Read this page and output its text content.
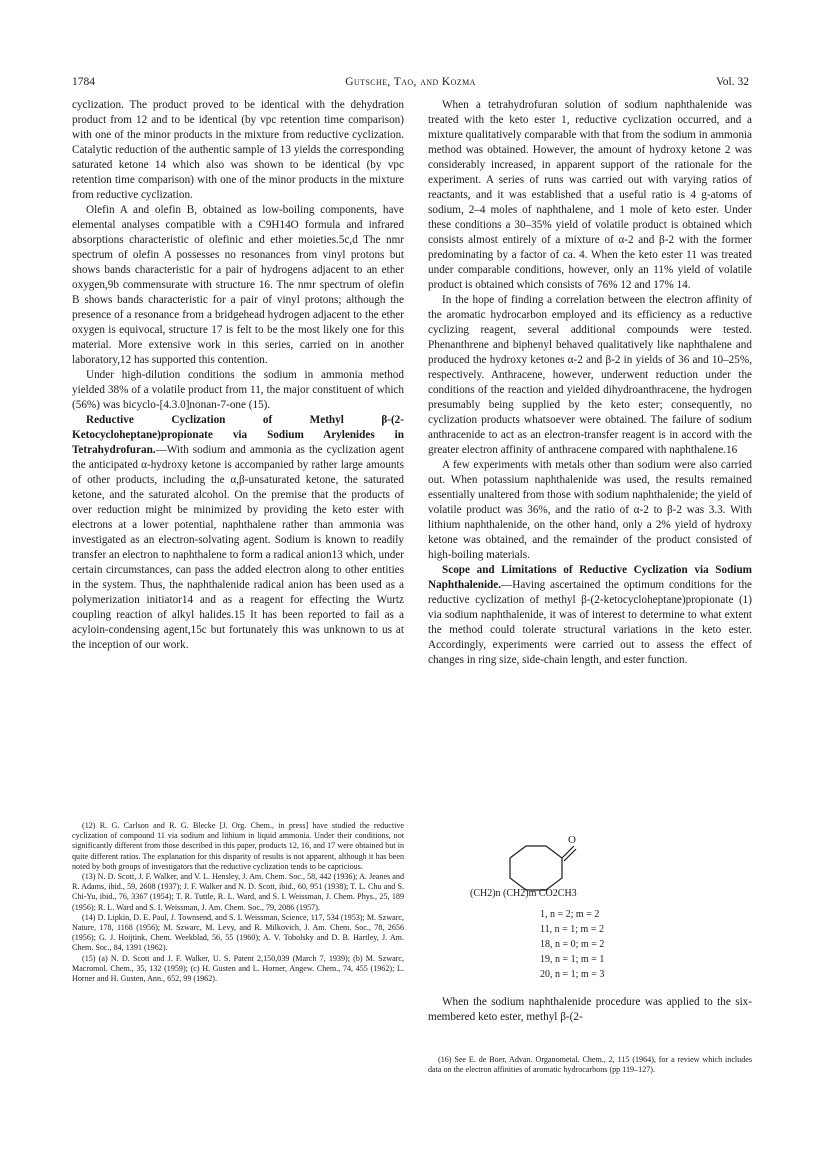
1784	Gutsche, Tao, and Kozma	Vol. 32

cyclization. The product proved to be identical with the dehydration product from 12 and to be identical (by vpc retention time comparison) with one of the minor products in the mixture from reductive cyclization. Catalytic reduction of the authentic sample of 13 yields the corresponding saturated ketone 14 which also was shown to be identical (by vpc retention time comparison) with one of the minor products in the mixture from reductive cyclization.

Olefin A and olefin B, obtained as low-boiling components, have elemental analyses compatible with a C9H14O formula and infrared absorptions characteristic of olefinic and ether moieties.5c,d The nmr spectrum of olefin A possesses no resonances from vinyl protons but shows bands characteristic for a pair of hydrogens adjacent to an ether oxygen,9b commensurate with structure 16. The nmr spectrum of olefin B shows bands characteristic for a pair of vinyl protons; although the presence of a resonance from a bridgehead hydrogen adjacent to the ether oxygen is equivocal, structure 17 is felt to be the most likely one for this material. More extensive work in this series, carried on in another laboratory,12 has supported this contention.

Under high-dilution conditions the sodium in ammonia method yielded 38% of a volatile product from 11, the major constituent of which (56%) was bicyclo-[4.3.0]nonan-7-one (15).

Reductive Cyclization of Methyl β-(2-Ketocycloheptane)propionate via Sodium Arylenides in Tetrahydrofuran.—With sodium and ammonia as the cyclization agent the anticipated α-hydroxy ketone is accompanied by rather large amounts of other products, including the α,β-unsaturated ketone, the saturated ketone, and the saturated alcohol. On the premise that the products of over reduction might be minimized by providing the keto ester with electrons at a lower potential, naphthalene rather than ammonia was investigated as an electron-solvating agent. Sodium is known to readily transfer an electron to naphthalene to form a radical anion13 which, under certain circumstances, can pass the added electron along to other entities in the system. Thus, the naphthalenide radical anion has been used as a polymerization initiator14 and as a reagent for effecting the Wurtz coupling reaction of alkyl halides.15 It has been reported to fail as a acyloin-condensing agent,15c but fortunately this was unknown to us at the inception of our work.

(12) R. G. Carlson and R. G. Blecke [J. Org. Chem., in press] have studied the reductive cyclization of compound 11 via sodium and lithium in liquid ammonia. Under their conditions, not significantly different from those described in this paper, products 12, 16, and 17 were obtained but in quite different ratios. The explanation for this disparity of results is not apparent, although it has been noted by both groups of investigators that the reductive cyclization tends to be capricious.

(13) N. D. Scott, J. F. Walker, and V. L. Hensley, J. Am. Chem. Soc., 58, 442 (1936); A. Jeanes and R. Adams, ibid., 59, 2608 (1937); J. F. Walker and N. D. Scott, ibid., 60, 951 (1938); T. L. Chu and S. Chi-Yu, ibid., 76, 3367 (1954); T. R. Tuttle, R. L. Ward, and S. I. Weissman, J. Chem. Phys., 25, 189 (1956); R. L. Ward and S. I. Weissman, J. Am. Chem. Soc., 79, 2086 (1957).

(14) D. Lipkin, D. E. Paul, J. Townsend, and S. I. Weissman, Science, 117, 534 (1953); M. Szwarc, Nature, 178, 1168 (1956); M. Szwarc, M. Levy, and R. Milkovich, J. Am. Chem. Soc., 78, 2656 (1956); G. J. Hoijtink, Chem. Weekblad, 56, 55 (1960); A. V. Tobolsky and D. B. Hartley, J. Am. Chem. Soc., 84, 1391 (1962).

(15) (a) N. D. Scott and J. F. Walker, U. S. Patent 2,150,039 (March 7, 1939); (b) M. Szwarc, Macromol. Chem., 35, 132 (1959); (c) H. Gusten and L. Horner, Angew. Chem., 74, 455 (1962); L. Horner and H. Gusten, Ann., 652, 99 (1962).

When a tetrahydrofuran solution of sodium naphthalenide was treated with the keto ester 1, reductive cyclization occurred, and a mixture qualitatively comparable with that from the sodium in ammonia method was obtained. However, the amount of hydroxy ketone 2 was considerably increased, in apparent support of the rationale for the experiment. A series of runs was carried out with varying ratios of reactants, and it was established that a useful ratio is 4 g-atoms of sodium, 2–4 moles of naphthalene, and 1 mole of keto ester. Under these conditions a 30–35% yield of volatile product is obtained which consists almost entirely of a mixture of α-2 and β-2 with the former predominating by a factor of ca. 4. When the keto ester 11 was treated under comparable conditions, however, only an 11% yield of volatile product is obtained which consists of 76% 12 and 17% 14.

In the hope of finding a correlation between the electron affinity of the aromatic hydrocarbon employed and its efficiency as a reductive cyclizing reagent, several additional compounds were tested. Phenanthrene and biphenyl behaved qualitatively like naphthalene and produced the hydroxy ketones α-2 and β-2 in yields of 36 and 10–25%, respectively. Anthracene, however, underwent reduction under the conditions of the reaction and yielded dihydroanthracene, the hydrogen presumably being supplied by the keto ester; consequently, no cyclization products whatsoever were obtained. The failure of sodium anthracenide to act as an electron-transfer reagent is in accord with the greater electron affinity of anthracene compared with naphthalene.16

A few experiments with metals other than sodium were also carried out. When potassium naphthalenide was used, the results remained essentially unaltered from those with sodium naphthalenide; the yield of volatile product was 36%, and the ratio of α-2 to β-2 was 3.3. With lithium naphthalenide, on the other hand, only a 2% yield of hydroxy ketone was obtained, and the remainder of the product consisted of high-boiling materials.

Scope and Limitations of Reductive Cyclization via Sodium Naphthalenide.—Having ascertained the optimum conditions for the reductive cyclization of methyl β-(2-ketocycloheptane)propionate (1) via sodium naphthalenide, it was of interest to determine to what extent the method could tolerate structural variations in the keto ester. Accordingly, experiments were carried out to assess the effect of changes in ring size, side-chain length, and ester function.

O
(CH2)n (CH2)m CO2CH3
1, n = 2; m = 2
11, n = 1; m = 2
18, n = 0; m = 2
19, n = 1; m = 1
20, n = 1; m = 3

When the sodium naphthalenide procedure was applied to the six-membered keto ester, methyl β-(2-

(16) See E. de Boer, Advan. Organometal. Chem., 2, 115 (1964), for a review which includes data on the electron affinities of aromatic hydrocarbons (pp 119–127).
